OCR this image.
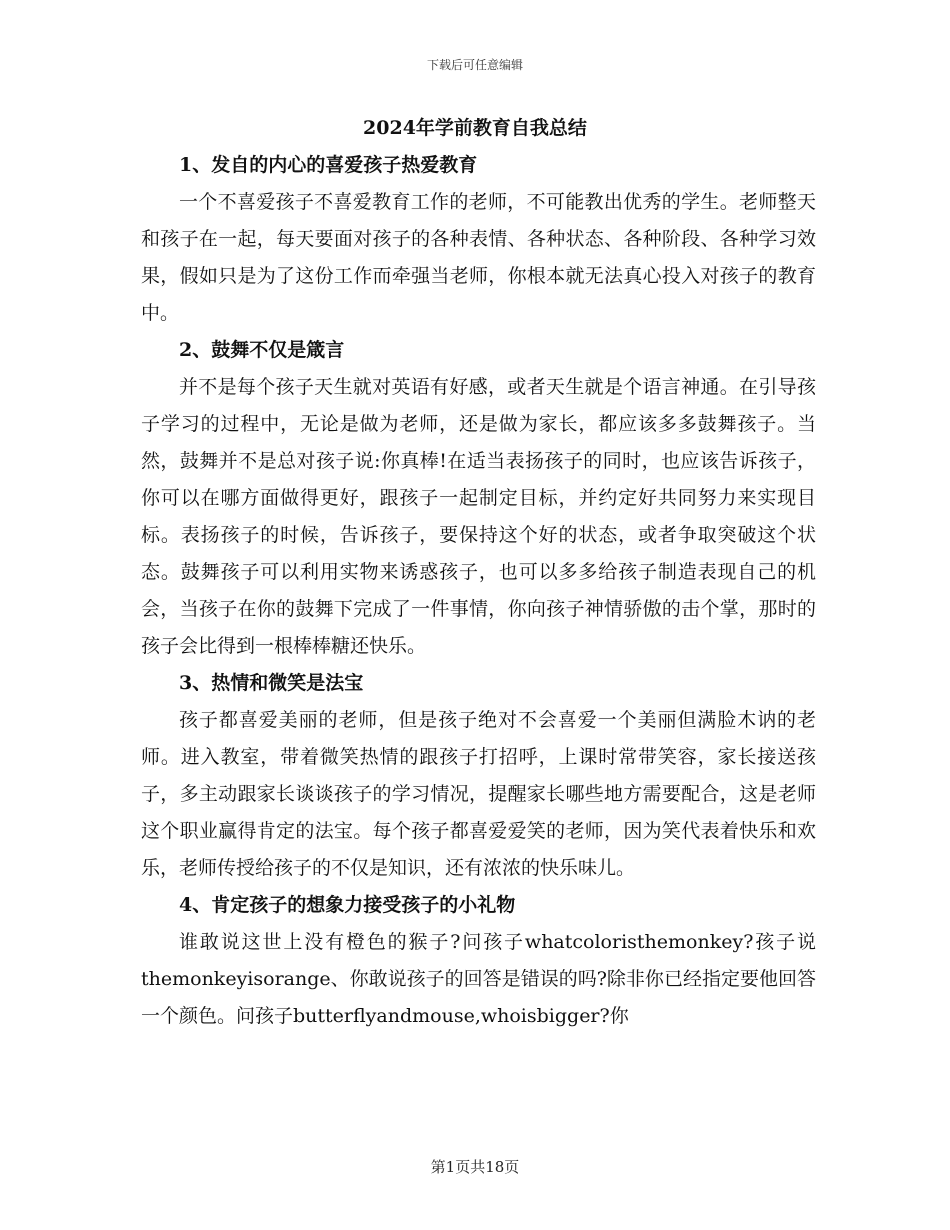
下载后可任意编辑
2024年学前教育自我总结

1、发自的内心的喜爱孩子热爱教育

一个不喜爱孩子不喜爱教育工作的老师，不可能教出优秀的学生。老师整天和孩子在一起，每天要面对孩子的各种表情、各种状态、各种阶段、各种学习效果，假如只是为了这份工作而牵强当老师，你根本就无法真心投入对孩子的教育中。

2、鼓舞不仅是箴言

并不是每个孩子天生就对英语有好感，或者天生就是个语言神通。在引导孩子学习的过程中，无论是做为老师，还是做为家长，都应该多多鼓舞孩子。当然，鼓舞并不是总对孩子说:你真棒!在适当表扬孩子的同时，也应该告诉孩子，你可以在哪方面做得更好，跟孩子一起制定目标，并约定好共同努力来实现目标。表扬孩子的时候，告诉孩子，要保持这个好的状态，或者争取突破这个状态。鼓舞孩子可以利用实物来诱惑孩子，也可以多多给孩子制造表现自己的机会，当孩子在你的鼓舞下完成了一件事情，你向孩子神情骄傲的击个掌，那时的孩子会比得到一根棒棒糖还快乐。

3、热情和微笑是法宝

孩子都喜爱美丽的老师，但是孩子绝对不会喜爱一个美丽但满脸木讷的老师。进入教室，带着微笑热情的跟孩子打招呼，上课时常带笑容，家长接送孩子，多主动跟家长谈谈孩子的学习情况，提醒家长哪些地方需要配合，这是老师这个职业赢得肯定的法宝。每个孩子都喜爱爱笑的老师，因为笑代表着快乐和欢乐，老师传授给孩子的不仅是知识，还有浓浓的快乐味儿。

4、肯定孩子的想象力接受孩子的小礼物

谁敢说这世上没有橙色的猴子?问孩子whatcoloristhemonkey?孩子说themonkeyisorange、你敢说孩子的回答是错误的吗?除非你已经指定要他回答一个颜色。问孩子butterflyandmouse,whoisbigger?你

第1页共18页
